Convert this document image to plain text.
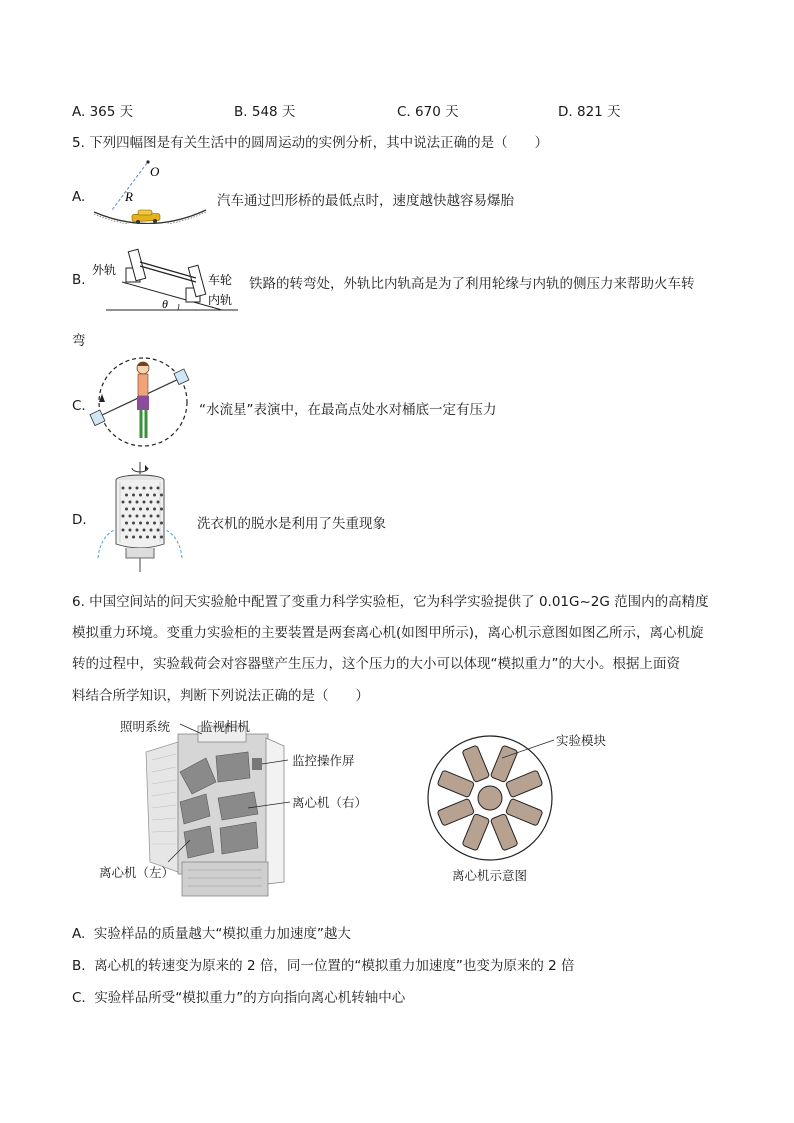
A. 365 天	B. 548 天	C. 670 天	D. 821 天
5. 下列四幅图是有关生活中的圆周运动的实例分析，其中说法正确的是（　　）
A.
O
R	汽车通过凹形桥的最低点时，速度越快越容易爆胎
B.
θ
外轨
车轮
内轨
铁路的转弯处，外轨比内轨高是为了利用轮缘与内轨的侧压力来帮助火车转
弯
C.	“水流星”表演中，在最高点处水对桶底一定有压力
D.	洗衣机的脱水是利用了失重现象
6. 中国空间站的问天实验舱中配置了变重力科学实验柜，它为科学实验提供了 0.01G~2G 范围内的高精度
模拟重力环境。变重力实验柜的主要装置是两套离心机(如图甲所示)，离心机示意图如图乙所示，离心机旋
转的过程中，实验载荷会对容器壁产生压力，这个压力的大小可以体现“模拟重力”的大小。根据上面资
料结合所学知识，判断下列说法正确的是（　　）
照明系统 监视相机
监控操作屏
离心机（右）
离心机（左）
实验模块
离心机示意图
A. 实验样品的质量越大“模拟重力加速度”越大
B. 离心机的转速变为原来的 2 倍，同一位置的“模拟重力加速度”也变为原来的 2 倍
C. 实验样品所受“模拟重力”的方向指向离心机转轴中心
